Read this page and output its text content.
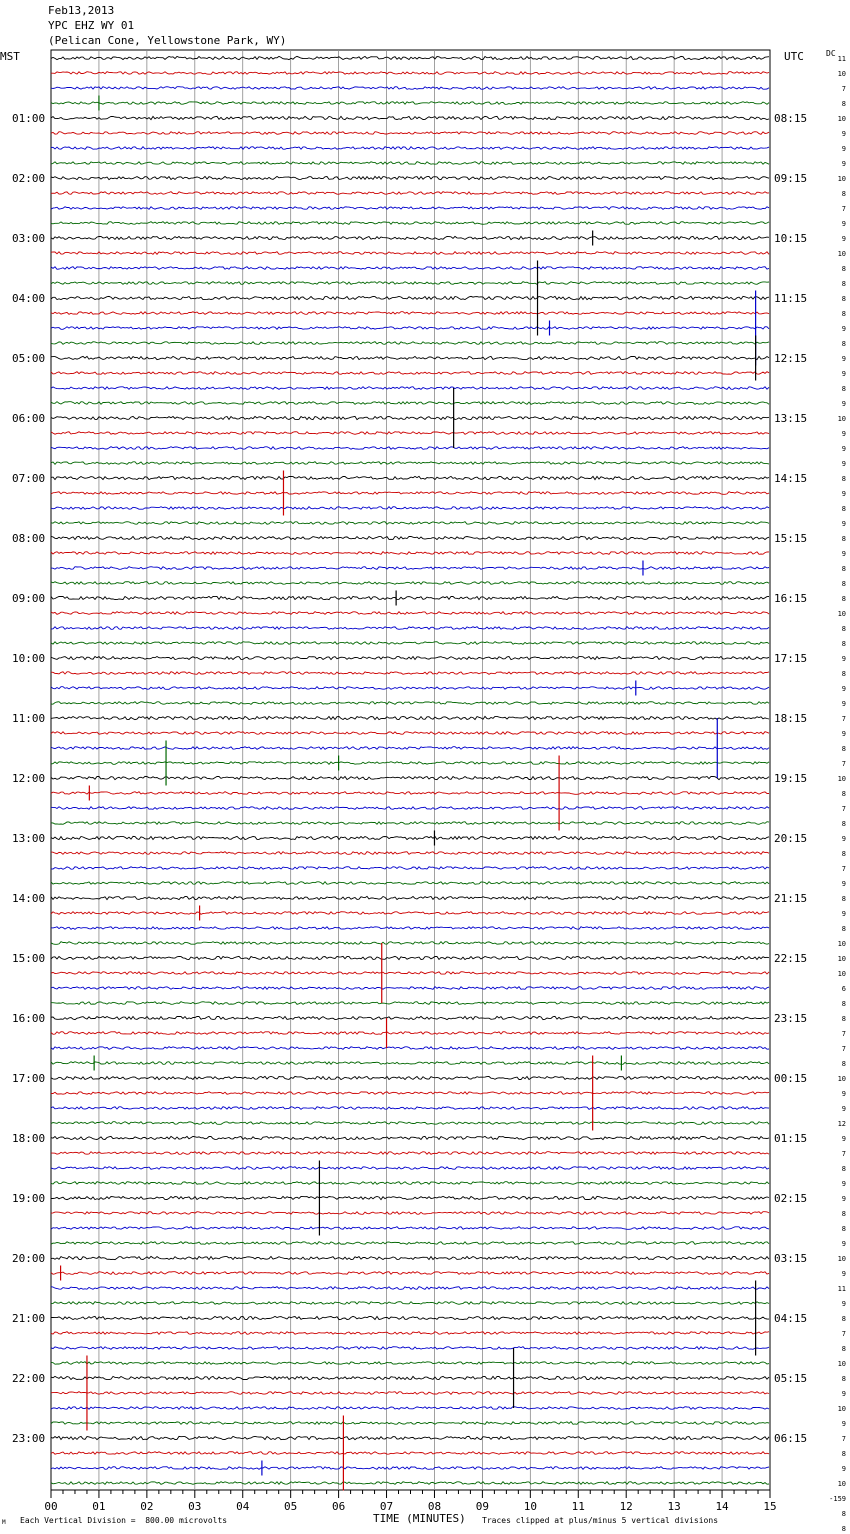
Feb13,2013
YPC EHZ WY 01
(Pelican Cone, Yellowstone Park, WY)
MST	UTC	DC
01:00
02:00
03:00
04:00
05:00
06:00
07:00
08:00
09:00
10:00
11:00
12:00
13:00
14:00
15:00
16:00
17:00
18:00
19:00
20:00
21:00
22:00
23:00
08:15
09:15
10:15
11:15
12:15
13:15
14:15
15:15
16:15
17:15
18:15
19:15
20:15
21:15
22:15
23:15
00:15
01:15
02:15
03:15
04:15
05:15
06:15
11
10
7
8
10
9
9
9
10
8
7
9
9
10
8
8
8
8
9
8
9
9
8
9
10
9
9
9
8
9
8
9
8
9
8
8
8
10
8
8
9
8
9
9
7
9
8
7
10
8
7
8
9
8
7
9
8
9
8
10
10
10
6
8
8
7
7
8
10
9
9
12
9
7
8
9
9
8
8
9
10
9
11
9
8
7
8
10
8
9
10
9
7
8
9
10
-159
8
8
00	01	02	03	04	05	06	07	08	09	10	11	12	13	14	15
TIME (MINUTES)
Each Vertical Division =  800.00 microvolts	Traces clipped at plus/minus 5 vertical divisions
M
